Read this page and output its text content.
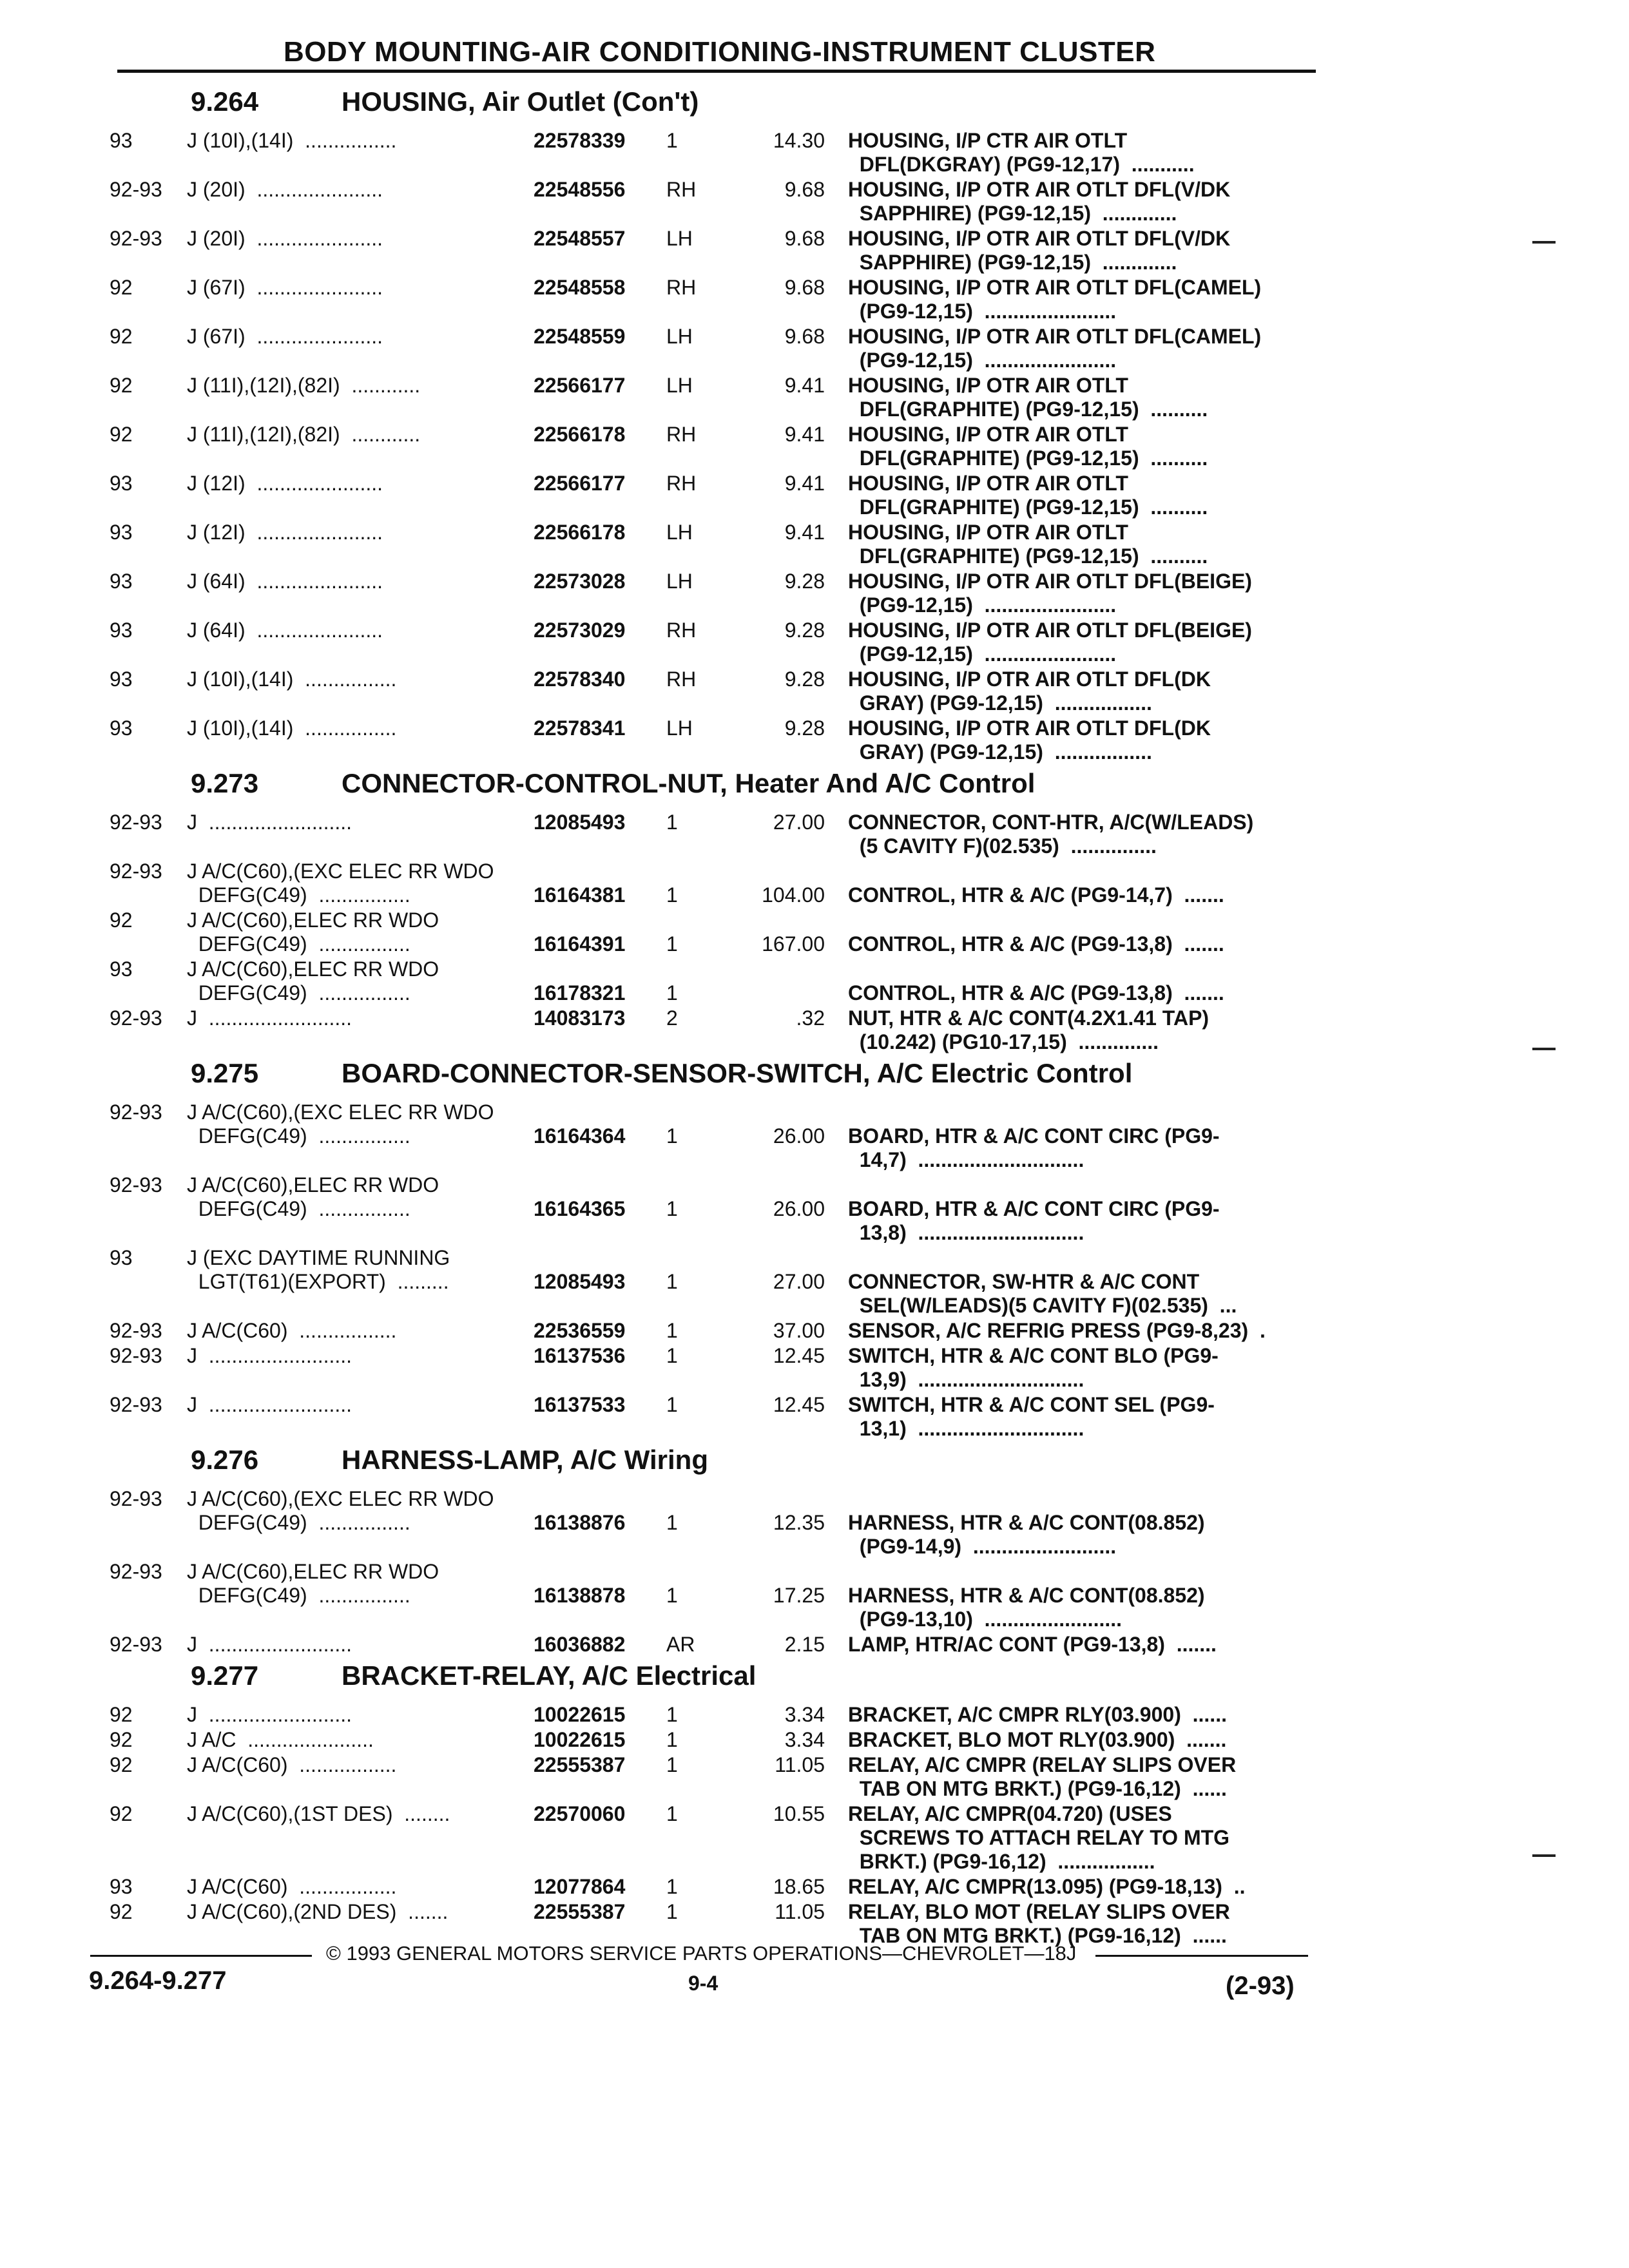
BODY MOUNTING-AIR CONDITIONING-INSTRUMENT CLUSTER
9.264	HOUSING, Air Outlet (Con't)
93	J (10I),(14I)  ................	22578339 1	14.30 HOUSING, I/P CTR AIR OTLT
DFL(DKGRAY) (PG9-12,17)  ...........
92-93 J (20I)  ......................	22548556 RH	9.68 HOUSING, I/P OTR AIR OTLT DFL(V/DK
SAPPHIRE) (PG9-12,15)  .............
92-93 J (20I)  ......................	22548557 LH	9.68 HOUSING, I/P OTR AIR OTLT DFL(V/DK
SAPPHIRE) (PG9-12,15)  .............
92	J (67I)  ......................	22548558 RH	9.68 HOUSING, I/P OTR AIR OTLT DFL(CAMEL)
(PG9-12,15)  .......................
92	J (67I)  ......................	22548559 LH	9.68 HOUSING, I/P OTR AIR OTLT DFL(CAMEL)
(PG9-12,15)  .......................
92	J (11I),(12I),(82I)  ............	22566177 LH	9.41 HOUSING, I/P OTR AIR OTLT
DFL(GRAPHITE) (PG9-12,15)  ..........
92	J (11I),(12I),(82I)  ............	22566178 RH	9.41 HOUSING, I/P OTR AIR OTLT
DFL(GRAPHITE) (PG9-12,15)  ..........
93	J (12I)  ......................	22566177 RH	9.41 HOUSING, I/P OTR AIR OTLT
DFL(GRAPHITE) (PG9-12,15)  ..........
93	J (12I)  ......................	22566178 LH	9.41 HOUSING, I/P OTR AIR OTLT
DFL(GRAPHITE) (PG9-12,15)  ..........
93	J (64I)  ......................	22573028 LH	9.28 HOUSING, I/P OTR AIR OTLT DFL(BEIGE)
(PG9-12,15)  .......................
93	J (64I)  ......................	22573029 RH	9.28 HOUSING, I/P OTR AIR OTLT DFL(BEIGE)
(PG9-12,15)  .......................
93	J (10I),(14I)  ................	22578340 RH	9.28 HOUSING, I/P OTR AIR OTLT DFL(DK
GRAY) (PG9-12,15)  .................
93	J (10I),(14I)  ................	22578341 LH	9.28 HOUSING, I/P OTR AIR OTLT DFL(DK
GRAY) (PG9-12,15)  .................
9.273	CONNECTOR-CONTROL-NUT, Heater And A/C Control
92-93 J  .........................	12085493 1	27.00 CONNECTOR, CONT-HTR, A/C(W/LEADS)
(5 CAVITY F)(02.535)  ...............
92-93 J A/C(C60),(EXC ELEC RR WDO
DEFG(C49)  ................	16164381 1	104.00 CONTROL, HTR & A/C (PG9-14,7)  .......
92	J A/C(C60),ELEC RR WDO
DEFG(C49)  ................	16164391 1	167.00 CONTROL, HTR & A/C (PG9-13,8)  .......
93	J A/C(C60),ELEC RR WDO
DEFG(C49)  ................	16178321 1	CONTROL, HTR & A/C (PG9-13,8)  .......
92-93 J  .........................	14083173 2	.32 NUT, HTR & A/C CONT(4.2X1.41 TAP)
(10.242) (PG10-17,15)  ..............
9.275	BOARD-CONNECTOR-SENSOR-SWITCH, A/C Electric Control
92-93 J A/C(C60),(EXC ELEC RR WDO
DEFG(C49)  ................	16164364 1	26.00 BOARD, HTR & A/C CONT CIRC (PG9-
14,7)  .............................
92-93 J A/C(C60),ELEC RR WDO
DEFG(C49)  ................	16164365 1	26.00 BOARD, HTR & A/C CONT CIRC (PG9-
13,8)  .............................
93	J (EXC DAYTIME RUNNING
LGT(T61)(EXPORT)  .........	12085493 1	27.00 CONNECTOR, SW-HTR & A/C CONT
SEL(W/LEADS)(5 CAVITY F)(02.535)  ...
92-93 J A/C(C60)  .................	22536559 1	37.00 SENSOR, A/C REFRIG PRESS (PG9-8,23)  .
92-93 J  .........................	16137536 1	12.45 SWITCH, HTR & A/C CONT BLO (PG9-
13,9)  .............................
92-93 J  .........................	16137533 1	12.45 SWITCH, HTR & A/C CONT SEL (PG9-
13,1)  .............................
9.276	HARNESS-LAMP, A/C Wiring
92-93 J A/C(C60),(EXC ELEC RR WDO
DEFG(C49)  ................	16138876 1	12.35 HARNESS, HTR & A/C CONT(08.852)
(PG9-14,9)  .........................
92-93 J A/C(C60),ELEC RR WDO
DEFG(C49)  ................	16138878 1	17.25 HARNESS, HTR & A/C CONT(08.852)
(PG9-13,10)  ........................
92-93 J  .........................	16036882 AR	2.15 LAMP, HTR/AC CONT (PG9-13,8)  .......
9.277	BRACKET-RELAY, A/C Electrical
92	J  .........................	10022615 1	3.34 BRACKET, A/C CMPR RLY(03.900)  ......
92	J A/C  ......................	10022615 1	3.34 BRACKET, BLO MOT RLY(03.900)  .......
92	J A/C(C60)  .................	22555387 1	11.05 RELAY, A/C CMPR (RELAY SLIPS OVER
TAB ON MTG BRKT.) (PG9-16,12)  ......
92	J A/C(C60),(1ST DES)  ........	22570060 1	10.55 RELAY, A/C CMPR(04.720) (USES
SCREWS TO ATTACH RELAY TO MTG
BRKT.) (PG9-16,12)  .................
93	J A/C(C60)  .................	12077864 1	18.65 RELAY, A/C CMPR(13.095) (PG9-18,13)  ..
92	J A/C(C60),(2ND DES)  .......	22555387 1	11.05 RELAY, BLO MOT (RELAY SLIPS OVER
TAB ON MTG BRKT.) (PG9-16,12)  ......
© 1993 GENERAL MOTORS SERVICE PARTS OPERATIONS—CHEVROLET—18J
9.264-9.277	9-4	(2-93)
